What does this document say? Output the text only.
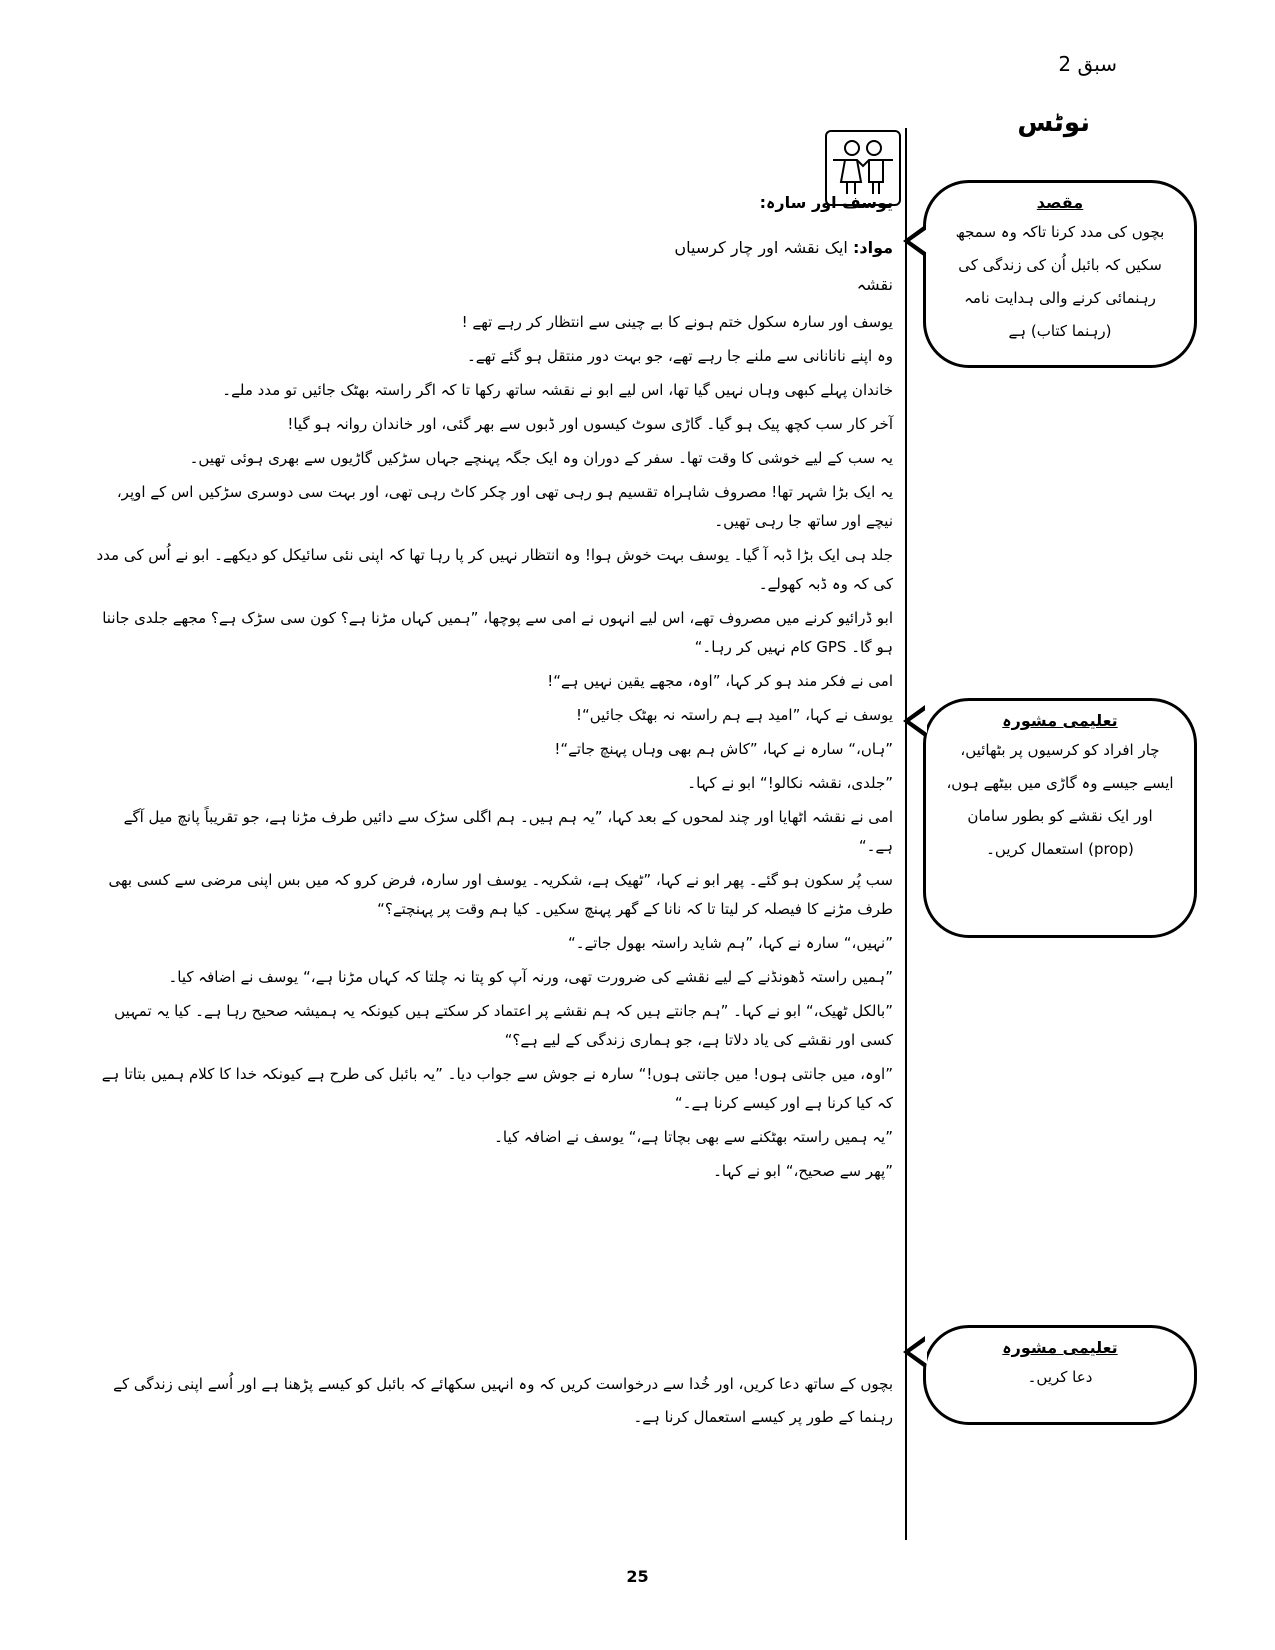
سبق 2
نوٹس
یوسف اور سارہ:
مواد: ایک نقشہ اور چار کرسیاں
نقشہ

یوسف اور سارہ سکول ختم ہونے کا بے چینی سے انتظار کر رہے تھے !

وہ اپنے نانانانی سے ملنے جا رہے تھے، جو بہت دور منتقل ہو گئے تھے۔

خاندان پہلے کبھی وہاں نہیں گیا تھا، اس لیے ابو نے نقشہ ساتھ رکھا تا کہ اگر راستہ بھٹک جائیں تو مدد ملے۔

آخر کار سب کچھ پیک ہو گیا۔ گاڑی سوٹ کیسوں اور ڈبوں سے بھر گئی، اور خاندان روانہ ہو گیا!

یہ سب کے لیے خوشی کا وقت تھا۔ سفر کے دوران وہ ایک جگہ پہنچے جہاں سڑکیں گاڑیوں سے بھری ہوئی تھیں۔

یہ ایک بڑا شہر تھا! مصروف شاہراہ تقسیم ہو رہی تھی اور چکر کاٹ رہی تھی، اور بہت سی دوسری سڑکیں اس کے اوپر، نیچے اور ساتھ جا رہی تھیں۔

جلد ہی ایک بڑا ڈبہ آ گیا۔ یوسف بہت خوش ہوا! وہ انتظار نہیں کر پا رہا تھا کہ اپنی نئی سائیکل کو دیکھے۔ ابو نے اُس کی مدد کی کہ وہ ڈبہ کھولے۔

ابو ڈرائیو کرنے میں مصروف تھے، اس لیے انہوں نے امی سے پوچھا، ”ہمیں کہاں مڑنا ہے؟ کون سی سڑک ہے؟ مجھے جلدی جاننا ہو گا۔ GPS کام نہیں کر رہا۔“

امی نے فکر مند ہو کر کہا، ”اوہ، مجھے یقین نہیں ہے“!

یوسف نے کہا، ”امید ہے ہم راستہ نہ بھٹک جائیں“!

”ہاں،“ سارہ نے کہا، ”کاش ہم بھی وہاں پہنچ جاتے“!

”جلدی، نقشہ نکالو!“ ابو نے کہا۔

امی نے نقشہ اٹھایا اور چند لمحوں کے بعد کہا، ”یہ ہم ہیں۔ ہم اگلی سڑک سے دائیں طرف مڑنا ہے، جو تقریباً پانچ میل آگے ہے۔“

سب پُر سکون ہو گئے۔ پھر ابو نے کہا، ”ٹھیک ہے، شکریہ۔ یوسف اور سارہ، فرض کرو کہ میں بس اپنی مرضی سے کسی بھی طرف مڑنے کا فیصلہ کر لیتا تا کہ نانا کے گھر پہنچ سکیں۔ کیا ہم وقت پر پہنچتے؟“

”نہیں،“ سارہ نے کہا، ”ہم شاید راستہ بھول جاتے۔“

”ہمیں راستہ ڈھونڈنے کے لیے نقشے کی ضرورت تھی، ورنہ آپ کو پتا نہ چلتا کہ کہاں مڑنا ہے،“ یوسف نے اضافہ کیا۔

”بالکل ٹھیک،“ ابو نے کہا۔ ”ہم جانتے ہیں کہ ہم نقشے پر اعتماد کر سکتے ہیں کیونکہ یہ ہمیشہ صحیح رہا ہے۔ کیا یہ تمہیں کسی اور نقشے کی یاد دلاتا ہے، جو ہماری زندگی کے لیے ہے؟“

”اوہ، میں جانتی ہوں! میں جانتی ہوں!“ سارہ نے جوش سے جواب دیا۔ ”یہ بائبل کی طرح ہے کیونکہ خدا کا کلام ہمیں بتاتا ہے کہ کیا کرنا ہے اور کیسے کرنا ہے۔“

”یہ ہمیں راستہ بھٹکنے سے بھی بچاتا ہے،“ یوسف نے اضافہ کیا۔

”پھر سے صحیح،“ ابو نے کہا۔

بچوں کے ساتھ دعا کریں، اور خُدا سے درخواست کریں کہ وہ انہیں سکھائے کہ بائبل کو کیسے پڑھنا ہے اور اُسے اپنی زندگی کے رہنما کے طور پر کیسے استعمال کرنا ہے۔

مقصد
بچوں کی مدد کرنا تاکہ وہ سمجھ سکیں کہ بائبل اُن کی زندگی کی رہنمائی کرنے والی ہدایت نامہ (رہنما کتاب) ہے
تعلیمی مشورہ
چار افراد کو کرسیوں پر بٹھائیں، ایسے جیسے وہ گاڑی میں بیٹھے ہوں، اور ایک نقشے کو بطور سامان (prop) استعمال کریں۔
تعلیمی مشورہ
دعا کریں۔
25
